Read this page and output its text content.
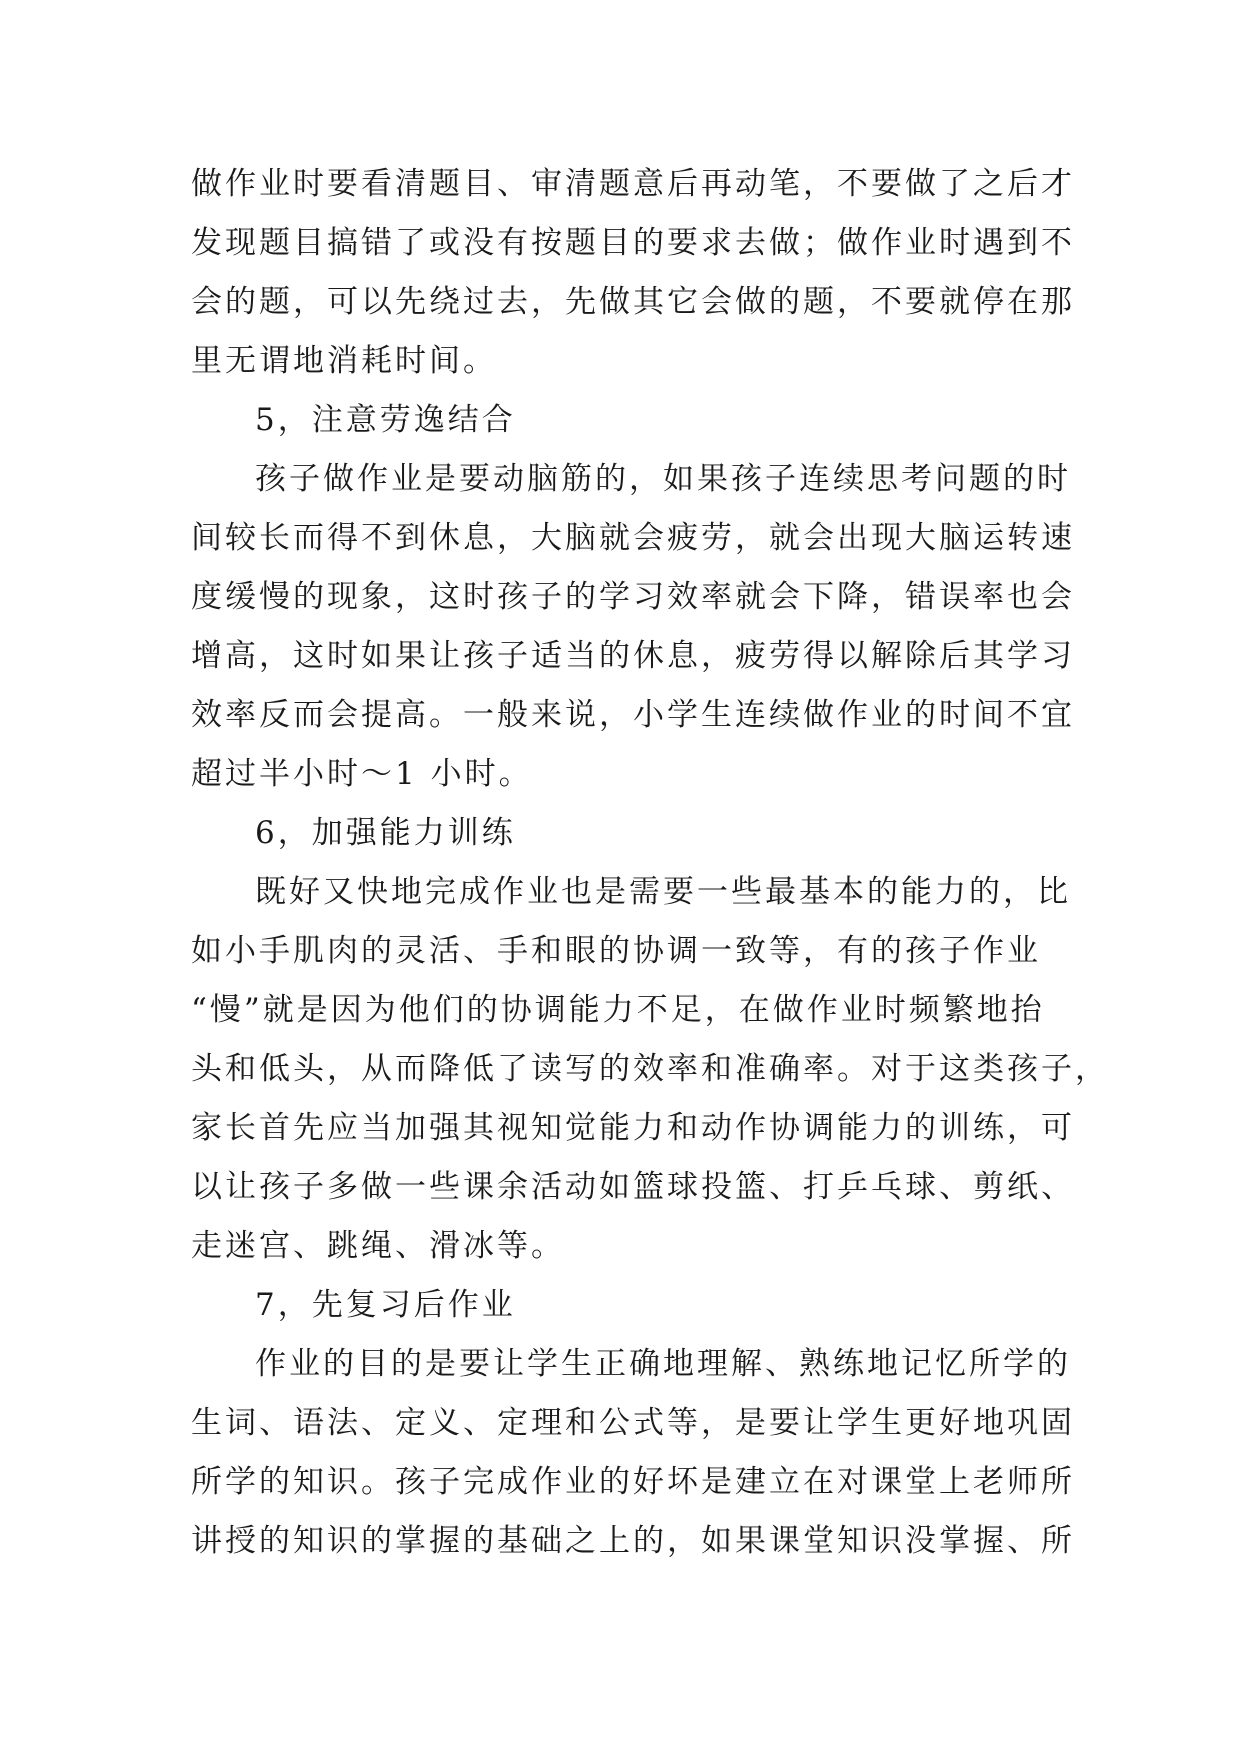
做作业时要看清题目、审清题意后再动笔，不要做了之后才
发现题目搞错了或没有按题目的要求去做；做作业时遇到不
会的题，可以先绕过去，先做其它会做的题，不要就停在那
里无谓地消耗时间。
5，注意劳逸结合
孩子做作业是要动脑筋的，如果孩子连续思考问题的时
间较长而得不到休息，大脑就会疲劳，就会出现大脑运转速
度缓慢的现象，这时孩子的学习效率就会下降，错误率也会
增高，这时如果让孩子适当的休息，疲劳得以解除后其学习
效率反而会提高。一般来说，小学生连续做作业的时间不宜
超过半小时～1 小时。
6，加强能力训练
既好又快地完成作业也是需要一些最基本的能力的，比
如小手肌肉的灵活、手和眼的协调一致等，有的孩子作业
“慢”就是因为他们的协调能力不足，在做作业时频繁地抬
头和低头，从而降低了读写的效率和准确率。对于这类孩子，
家长首先应当加强其视知觉能力和动作协调能力的训练，可
以让孩子多做一些课余活动如篮球投篮、打乒乓球、剪纸、
走迷宫、跳绳、滑冰等。
7，先复习后作业
作业的目的是要让学生正确地理解、熟练地记忆所学的
生词、语法、定义、定理和公式等，是要让学生更好地巩固
所学的知识。孩子完成作业的好坏是建立在对课堂上老师所
讲授的知识的掌握的基础之上的，如果课堂知识没掌握、所
